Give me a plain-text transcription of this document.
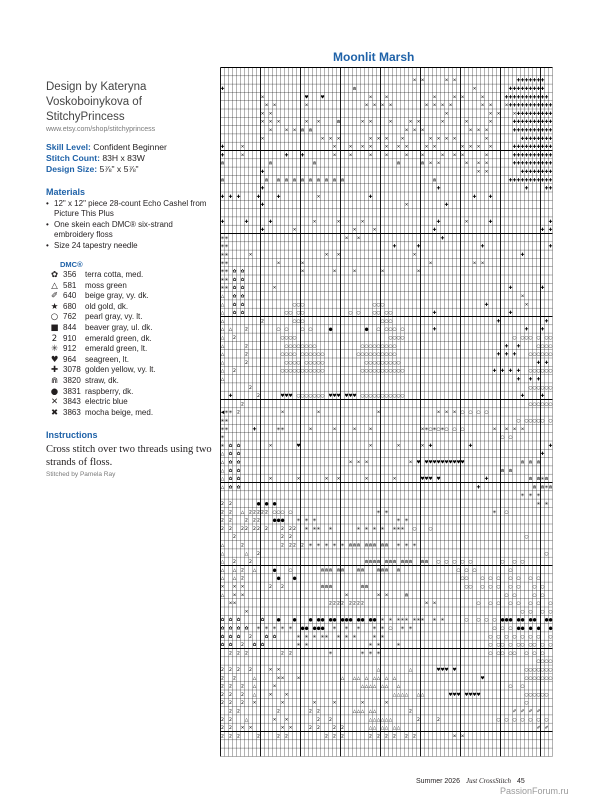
Design by Kateryna
Voskoboinykova of
StitchyPrincess
www.etsy.com/shop/stitchyprincess
Skill Level: Confident Beginner
Stitch Count: 83H x 83W
Design Size: 5⅞" x 5⅞"
Materials
• 12" x 12" piece 28-count Echo Cashel from Picture This Plus
• One skein each DMC® six-strand embroidery floss
• Size 24 tapestry needle
DMC®
✿ 356	terra cotta, med.
△ 581	moss green
✐ 640	beige gray, vy. dk.
★ 680	old gold, dk.
○ 762	pearl gray, vy. lt.
■ 844	beaver gray, ul. dk.
2 910	emerald green, dk.
✳ 912	emerald green, lt.
♥ 964	seagreen, lt.
✚ 3078 golden yellow, vy. lt.
⋒ 3820 straw, dk.
● 3831 raspberry, dk.
✕ 3843 electric blue
✖ 3863 mocha beige, med.
Instructions
Cross stitch over two threads using two strands of floss.
Stitched by Pamela Ray
Moonlit Marsh
✕ ✕	✕ ✕	✚ ✚ ✚ ✚ ✚ ✚ ✚
✚	⋒	✕	✚ ✚ ✚ ✚ ✚ ✚ ✚ ✚ ✚
✕	♥	♥	✕	✕	✕	✕ ✕	✕	✚ ✚ ✚ ✚ ✚ ✚ ✚ ✚ ✚ ✚ ✚
✕ ✕	✕	✕ ✕ ✕ ✕	✕ ✕ ✕ ✕	✕ ✕	✕ ✚ ✚ ✚ ✚ ✚ ✚ ✚ ✚ ✚ ✚ ✚
✕ ✕	✕	✕ ✕	✕ ✚ ✚ ✚ ✚ ✚ ✚ ✚ ✚ ✚
✕ ✕ ✕	✕ ✕	⋒	✕ ✕	✕	✕ ✕	✕	✕	✕	✚ ✚ ✚ ✚ ✚ ✚ ✚ ✚ ✚ ✚
✕	✕ ✕ ⋒ ⋒	✕ ✕ ✕	✕ ✕ ✕	✚ ✚ ✚ ✚ ✚ ✚ ✚ ✚ ✚ ✚
✕	✕ ✕ ✕	✕ ✕ ✕	✕	✕ ✕ ✕ ✕	✕	✚ ✚ ✚ ✚ ✚ ✚ ✚ ✚
✚	✕	✕	✕ ✕ ✕	✕ ✕ ✕	✕ ✕	✕ ✕ ✕ ✕	✚ ✚ ✚ ✚ ✚ ✚ ✚ ✚ ✚ ✚
✚	✕	✚	✚	✕	✕	✕	✕	✕	✕	✕ ✕ ✕	✕	✚ ✚ ✚ ✚ ✚ ✚ ✚ ✚ ✚ ✚
⋒	⋒	⋒	⋒	⋒ ✕ ✕	✕ ✕ ✕	✚ ✚ ✚ ✚ ✚ ✚ ✚ ✚ ✚ ✚
✚	✕ ✕	✚ ✚ ✚ ✚ ✚ ✚ ✚ ✚
⋒	⋒ ⋒ ⋒ ⋒ ⋒ ⋒ ⋒ ⋒ ⋒ ⋒	⋒	✚ ✚ ✚ ✚ ✚ ✚ ✚ ✚ ✚ ✚ ✚
✚	✚	✚	✚ ✚
✚ ✚ ✚	✚	✚	✕	✚	✚	✚
✚	✕	✚
✚	✚	✚	✕	✕	✕	✚	✕	✚	✚
✚	✕	✕	✕	✚	✚ ✚
✳ ✳	✕ ✕	✚
✳ ✳	✚	✚	✚	✚
✳ ✳	✕	✕ ✕	✕	✚
✳ ✳	✕	✕	✕	✕ ✕
✳ ✳ ✿ ✿	✕	✕	✕	✕	✕
✳ ✳ ✿ ✿
✳ ✳ ✿ ✿	✕	✚	✚
△ ✿ ✿	✕
△ ✿ ✿	○ ○ ○	○ ○ ○	✚	✕
△ ✿ ✿	○ ○ ○ ○	○ ○	○ ○ ○ ○	✚	✚
△	2	○ ○ ○	○ ○ ○	✚	✚
△ △	2	○ ○	○ ○	●	● ○ ○ ○ ○ ○	✚	✚	✚
△ 2	○ ○ ○ ○	○ ○ ○ ○	○ ○ ○ ○ ○ ○ ○
△	2	○ ○ ○ ○ ○ ○ ○ ○	○ ○ ○ ○ ○ ○ ○ ○ ○	✚ ✚	○ ○ ○ ○
△	2	○ ○ ○ ○ ○ ○ ○ ○ ○ ○	○ ○ ○ ○ ○ ○ ○ ○ ○ ○	✚ ✚ ✚	○ ○ ○ ○ ○ ○
△	2	○ ○ ○ ○ ○ ○ ○ ○ ○	○ ○ ○ ○ ○ ○ ○ ○ ○	✚ ✚
△ 2	○ ○ ○ ○ ○ ○ ○ ○ ○ ○ ○	○ ○ ○ ○ ○ ○ ○ ○ ○ ○ ○	✚ ✚ ✚ ✚ ○ ○ ○ ○ ○ ○
△	✚ ✚ ✚
2	○ ○ ○ ○ ○ ○
✚	2	♥ ♥ ♥ ○ ○ ○ ○ ○ ○ ○ ♥ ♥ ♥ ♥ ♥ ♥ ○ ○ ○ ○ ○ ○ ○ ○ ○ ○ ○	✚	✚
2	○ ○ ○ ○ ○ ○
◀ ✳ ✳ 2	✕	✕	✕	✕ ✕ ✕ ○ ○ ○ ○
✳ ✳	○ ○ ○ ○ ○ ○ ○
✳ ✳	✚	✳ ✳	✕	✕	✕	✕	✕ ✳ ○ ✳ ○ ✳ ○ ○ ○	✕ ✕ ✕ ✕
✳	○ ○
✳ ✿ ✿	✕	♥	✕	✕	✕ ✚	✚	✚
△ ✿ ✿	✚
△ ✿ ✿	✕ ✕ ✕	✕ ♥ ♥ ♥ ♥ ♥ ♥ ♥ ♥ ♥ ♥ ♥	⋒ ⋒ ⋒
△ ✿ ✿	⋒ ⋒
△ ✿ ✿	✕	✕	✕ ✕	✕	✕	♥ ♥ ♥ ♥	✚	⋒ ⋒ ✳ ⋒
△ ✿ ✿	✚	⋒ ⋒ ✳ ⋒
✳ ✳ ✳
2 2	● ● ●	✳ ✳
2 2 △ 2 2 2 2 2 ○ ○ ○ ○	✳ ✳	✳ ○
2 2	2 2 2	● ● ●	✳ ✳ ✳	✳ ✳
2 2 2 2 2 2 2	2 2 2 ✳ ✳ ✳ ✳	✳ ✳ ✳ ✳ ✳ ✳ ✳ ○	○
2	2 2	○
△	2	2 2 2 2 ✳ ✳ ✳ ✳ ✳ ⋒ ⋒ ⋒ ⋒ ⋒ ⋒ ⋒ ⋒ ✳ ✳ ✳
△	△ 2	○
△ 2	2	⋒ ⋒ ⋒ ⋒ ⋒ ⋒ ⋒ ⋒ ⋒ ⋒ ⋒ ⋒ ○ ○ ○ ○ ○	○ ○ ○
△ △ 2 △	●	○	⋒ ⋒ ⋒ ⋒ ⋒	⋒ ⋒	⋒ ⋒ ⋒ ⋒	○ ○ ○	○
△ △ 2	●	●	○ ○	○ ○ ○ ○ ○ ○ ○
✕ ✕ ✕	2 2	⋒ ⋒ ⋒	⋒ ⋒	○ ○ ○ ○ ○ ○ ○	○ ○
△ ✕ ✕	✕	✕ ✕	⋒	○ ○	○ ○
✕ ✕	2 2 2 2 2 2 2 2	✕ ✕	○ ○ ○ ○ ○ ○ ○ ○
✕	○ ○ ○ ○
✿ ✿ ✿	✿	●	●	● ● ● ● ● ● ● ● ● ● ● ● ✳ ✳ ✳ ✳ ✳ ✳ ✳ ✳ ✳ ✳	○ ○ ○ ○ ● ● ● ● ● ● ● ● ●
✿ ✿ ✿ ✿ ✳ ✳ ✳ ✳ ✳ ● ● ● ● ● ✳ ✳ ✳	✳ ✳ ○ ✳ ✳	○ ○ ○ ● ● ● ● ●
✿ ✿ ✿ 2	✿ ✿	✳ ✳ ✳ ✳ ✳ ✳ ✳ ✳	✳ ✳	○ ○ ○ ○ ○ ○ ○ ○
✿ ✿ 2 ✿ ✿	✳ ✳	✳ ✳	✳	○ ○ ○ ○ ○ ○ ○ ○ ○ ○
2 2 2	2 2	✳	✳ ✳ ✳	○ ○ ○ ○ ○ ○ ○ ○
○ ○ ○ ○
2 2 2 2	✕ ✕	△	△	♥ ♥ ♥ ♥	○ ○ ○ ○ ○ ○ ○
2 2	△	✕ ✕	✕	△ △ △ △ △ △ △ △	♥	○ ○ ○ ○ ○ ○ ○
2 2 2 △	✕	△ △ △ △ △ △ △	○ ○
2 2 2 △	✕	✕	△ △ △ △ △ △	♥ ♥ ♥ ♥ ♥ ♥ ♥	○ ○ ○ ○ ○ ○
2 2 2 ✕	✕	✕	✕	✕	✕	○
2 2	2	2 2	△ △ △ △ △	2	✐ ✐ ✐ ✐
2 2	△	✕ ✕	2 2	△ △ △ △ △ △	2	2	○ ○ ○ ○ ○ ○ ○
2 2 ✕ ✕	✕ ✕	2 2	2 2	△ △ △ △ △ △	✐ ✐
2 2 2	2	2 2	2 2 2	2 2 2 2 2 2	✕ ✕
Summer 2026 Just CrossStitch 45
PassionForum.ru
